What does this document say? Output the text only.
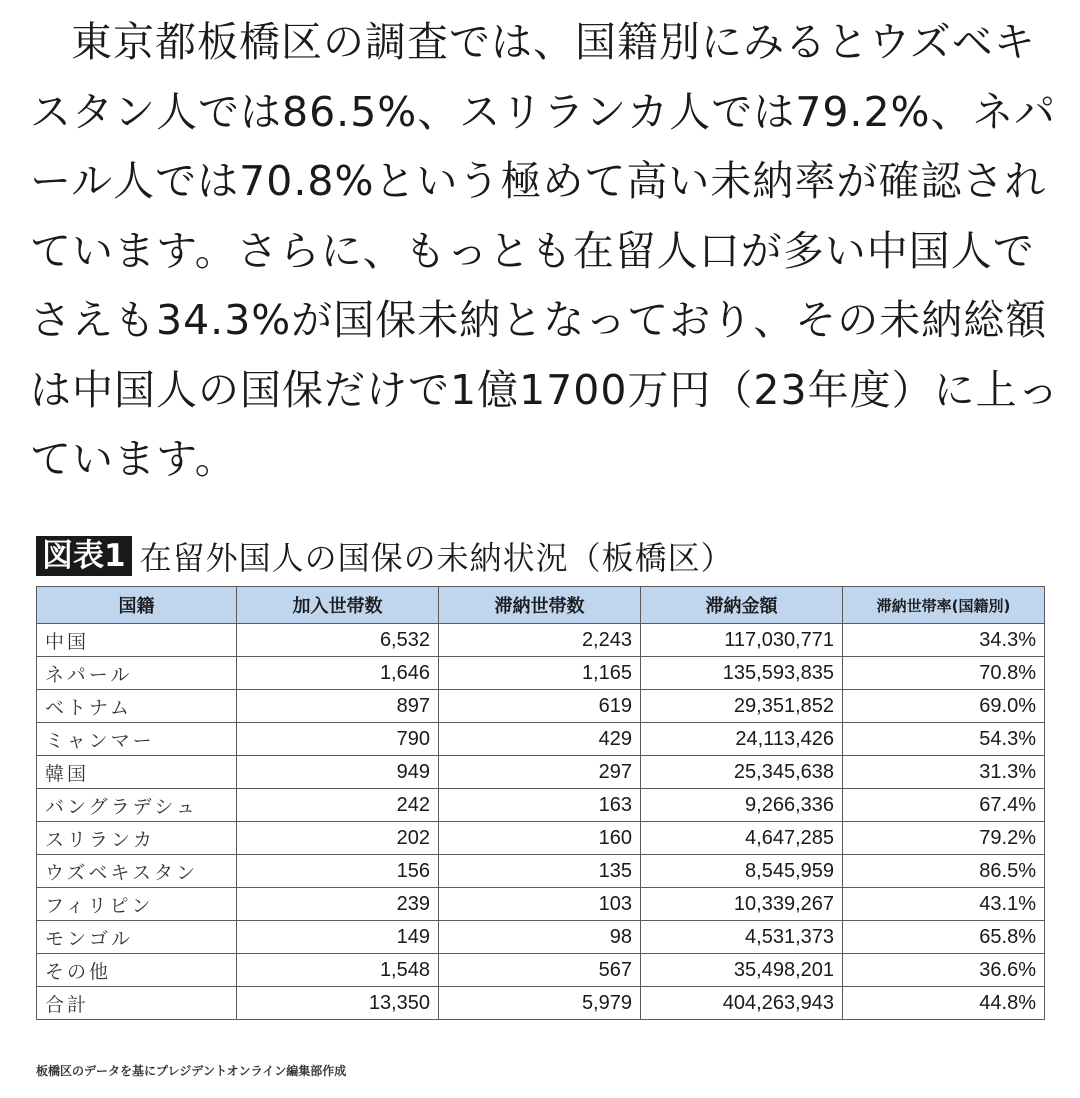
東京都板橋区の調査では、国籍別にみるとウズベキスタン人では86.5%、スリランカ人では79.2%、ネパール人では70.8%という極めて高い未納率が確認されています。さらに、もっとも在留人口が多い中国人でさえも34.3%が国保未納となっており、その未納総額は中国人の国保だけで1億1700万円（23年度）に上っています。

図表1 在留外国人の国保の未納状況（板橋区）
国籍	加入世帯数	滞納世帯数	滞納金額	滞納世帯率(国籍別)
中国	6,532	2,243	117,030,771	34.3%
ネパール	1,646	1,165	135,593,835	70.8%
ベトナム	897	619	29,351,852	69.0%
ミャンマー	790	429	24,113,426	54.3%
韓国	949	297	25,345,638	31.3%
バングラデシュ	242	163	9,266,336	67.4%
スリランカ	202	160	4,647,285	79.2%
ウズベキスタン	156	135	8,545,959	86.5%
フィリピン	239	103	10,339,267	43.1%
モンゴル	149	98	4,531,373	65.8%
その他	1,548	567	35,498,201	36.6%
合計	13,350	5,979	404,263,943	44.8%
板橋区のデータを基にプレジデントオンライン編集部作成
